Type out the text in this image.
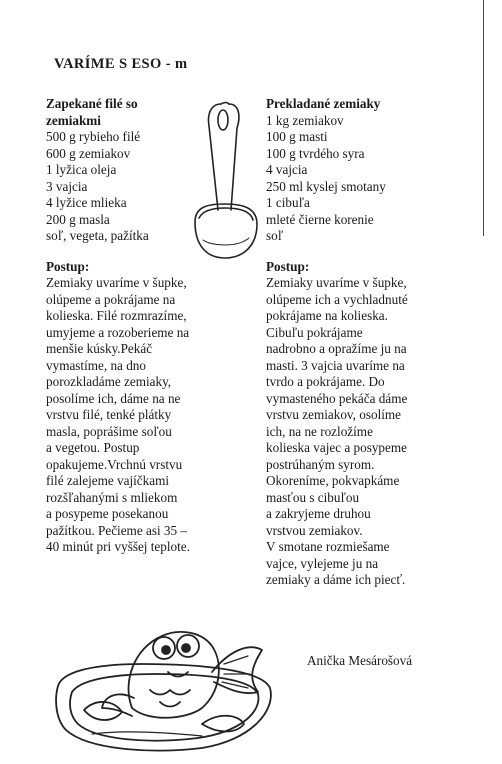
VARÍME S ESO - m
Zapekané filé so
zemiakmi
500 g rybieho filé
600 g zemiakov
1 lyžica oleja
3 vajcia
4 lyžice mlieka
200 g masla
soľ, vegeta, pažítka
Postup:
Zemiaky uvaríme v šupke,
olúpeme a pokrájame na
kolieska. Filé rozmrazíme,
umyjeme a rozoberieme na
menšie kúsky.Pekáč
vymastíme, na dno
porozkladáme zemiaky,
posolíme ich, dáme na ne
vrstvu filé, tenké plátky
masla, poprášime soľou
a vegetou. Postup
opakujeme.Vrchnú vrstvu
filé zalejeme vajíčkami
rozšľahanými s mliekom
a posypeme posekanou
pažítkou. Pečieme asi 35 –
40 minút pri vyššej teplote.
Prekladané zemiaky
1 kg zemiakov
100 g masti
100 g tvrdého syra
4 vajcia
250 ml kyslej smotany
1 cibuľa
mleté čierne korenie
soľ
Postup:
Zemiaky uvaríme v šupke,
olúpeme ich a vychladnuté
pokrájame na kolieska.
Cibuľu pokrájame
nadrobno a opražíme ju na
masti. 3 vajcia uvaríme na
tvrdo a pokrájame. Do
vymasteného pekáča dáme
vrstvu zemiakov, osolíme
ich, na ne rozložíme
kolieska vajec a posypeme
postrúhaným syrom.
Okoreníme, pokvapkáme
masťou s cibuľou
a zakryjeme druhou
vrstvou zemiakov.
V smotane rozmiešame
vajce, vylejeme ju na
zemiaky a dáme ich piecť.
Anička Mesárošová
